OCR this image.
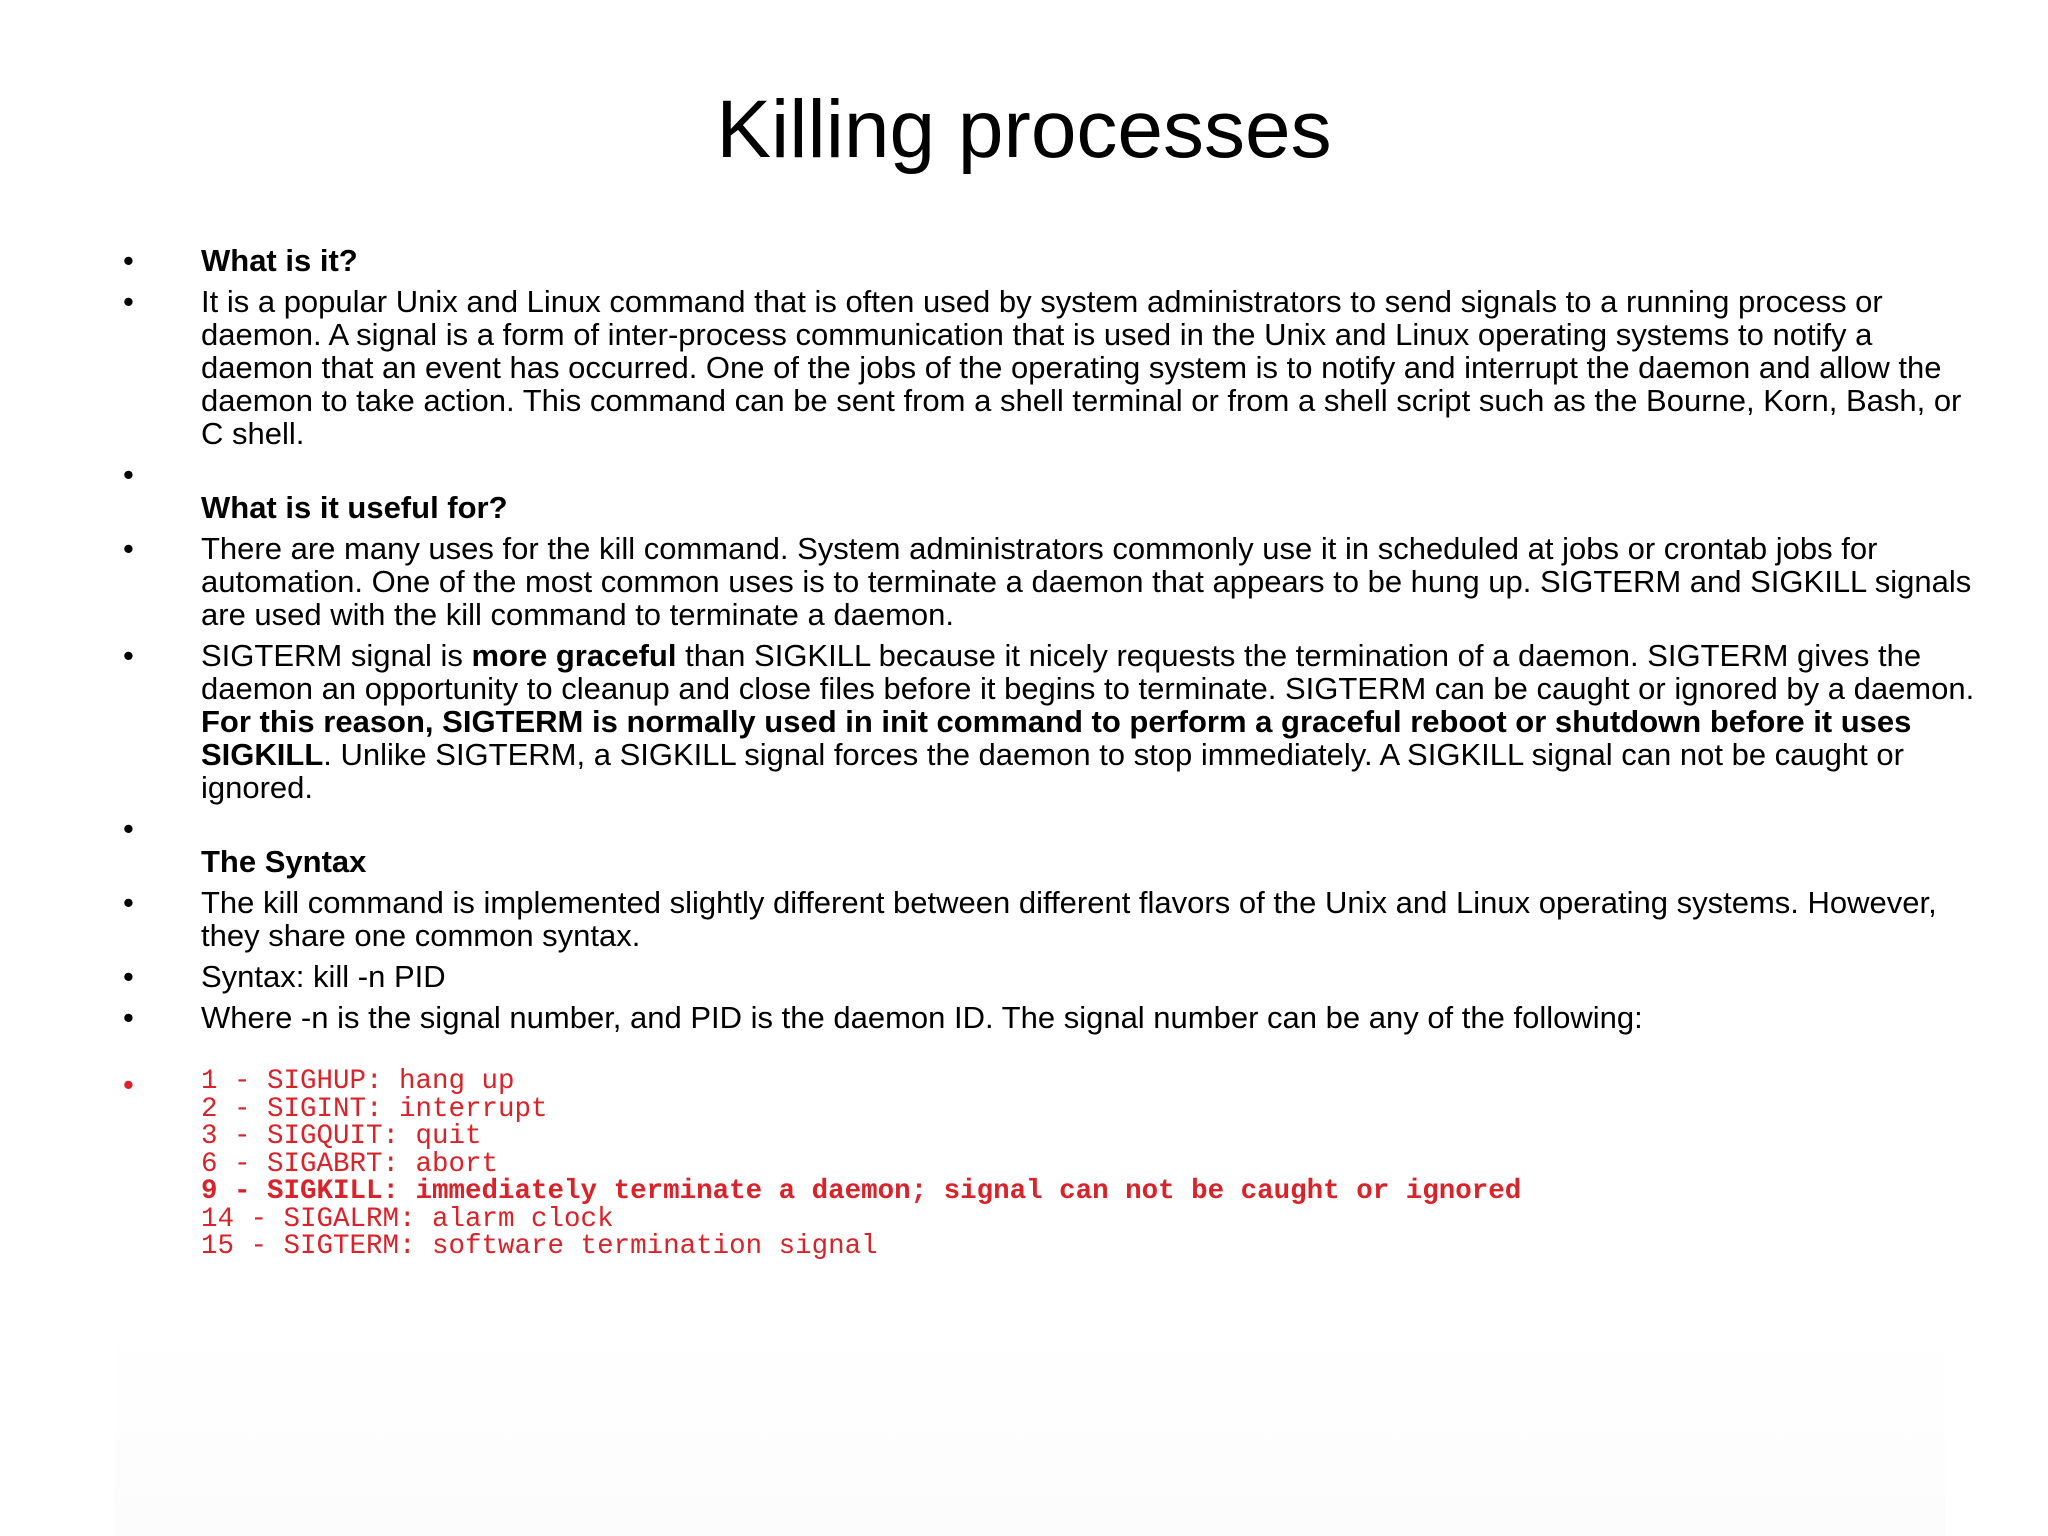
Killing processes
• What is it?
• It is a popular Unix and Linux command that is often used by system administrators to send signals to a running process or daemon. A signal is a form of inter-process communication that is used in the Unix and Linux operating systems to notify a daemon that an event has occurred. One of the jobs of the operating system is to notify and interrupt the daemon and allow the daemon to take action. This command can be sent from a shell terminal or from a shell script such as the Bourne, Korn, Bash, or C shell.
•
What is it useful for?
• There are many uses for the kill command. System administrators commonly use it in scheduled at jobs or crontab jobs for automation. One of the most common uses is to terminate a daemon that appears to be hung up. SIGTERM and SIGKILL signals are used with the kill command to terminate a daemon.
• SIGTERM signal is more graceful than SIGKILL because it nicely requests the termination of a daemon. SIGTERM gives the daemon an opportunity to cleanup and close files before it begins to terminate. SIGTERM can be caught or ignored by a daemon. For this reason, SIGTERM is normally used in init command to perform a graceful reboot or shutdown before it uses SIGKILL. Unlike SIGTERM, a SIGKILL signal forces the daemon to stop immediately. A SIGKILL signal can not be caught or ignored.
•
The Syntax
• The kill command is implemented slightly different between different flavors of the Unix and Linux operating systems. However, they share one common syntax.
• Syntax: kill -n PID
• Where -n is the signal number, and PID is the daemon ID. The signal number can be any of the following:
• 1 - SIGHUP: hang up
2 - SIGINT: interrupt
3 - SIGQUIT: quit
6 - SIGABRT: abort
9 - SIGKILL: immediately terminate a daemon; signal can not be caught or ignored
14 - SIGALRM: alarm clock
15 - SIGTERM: software termination signal
